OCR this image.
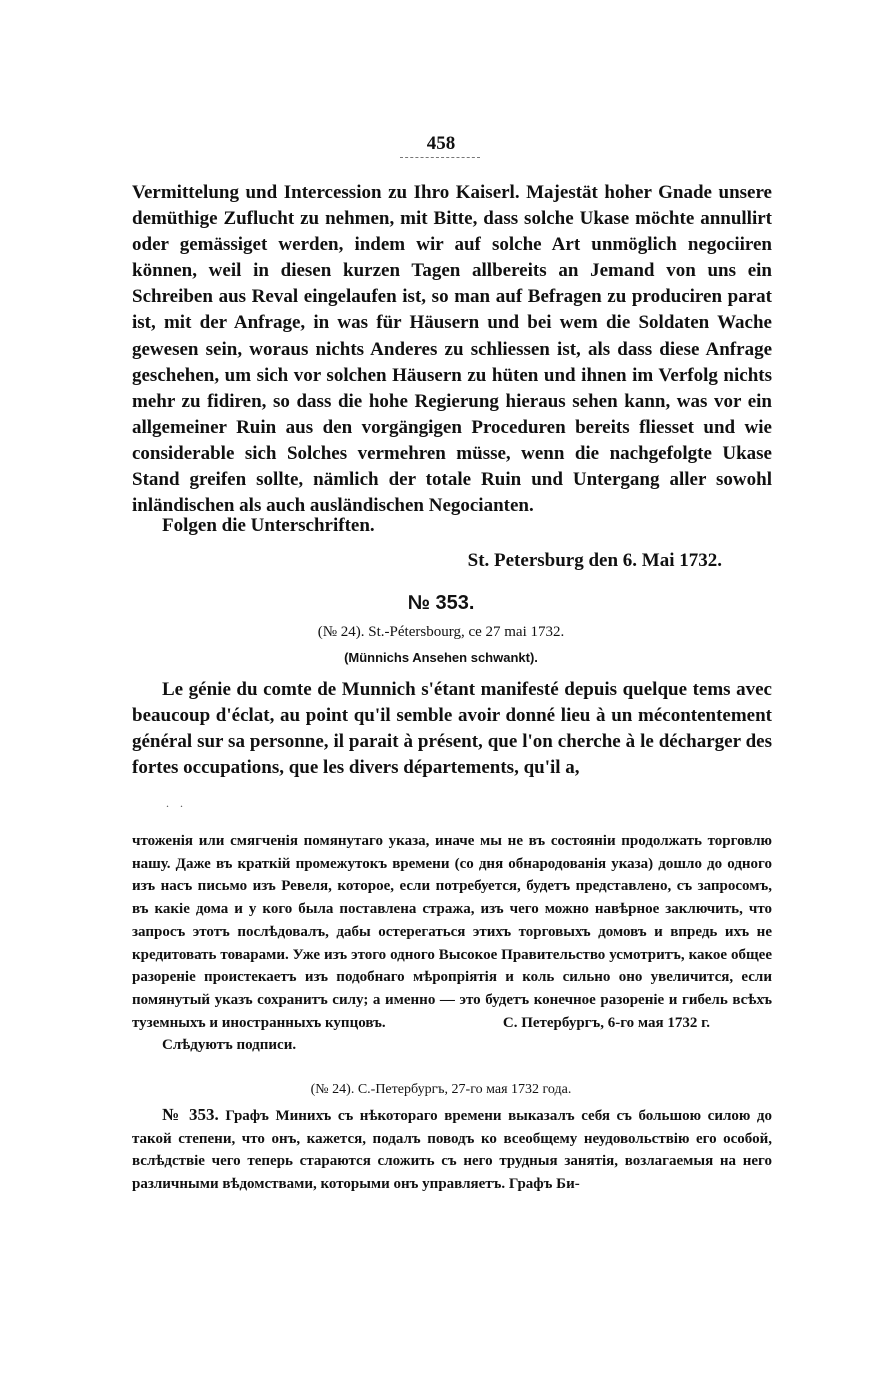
458
Vermittelung und Intercession zu Ihro Kaiserl. Majestät hoher Gnade unsere demüthige Zuflucht zu nehmen, mit Bitte, dass solche Ukase möchte annullirt oder gemässiget werden, indem wir auf solche Art unmöglich negociiren können, weil in diesen kurzen Tagen allbereits an Jemand von uns ein Schreiben aus Reval eingelaufen ist, so man auf Befragen zu produciren parat ist, mit der Anfrage, in was für Häusern und bei wem die Soldaten Wache gewesen sein, woraus nichts Anderes zu schliessen ist, als dass diese Anfrage geschehen, um sich vor solchen Häusern zu hüten und ihnen im Verfolg nichts mehr zu fidiren, so dass die hohe Regierung hieraus sehen kann, was vor ein allgemeiner Ruin aus den vorgängigen Proceduren bereits fliesset und wie considerable sich Solches vermehren müsse, wenn die nachgefolgte Ukase Stand greifen sollte, nämlich der totale Ruin und Untergang aller sowohl inländischen als auch ausländischen Negocianten.
Folgen die Unterschriften.
St. Petersburg den 6. Mai 1732.
№ 353.
(№ 24). St.-Pétersbourg, ce 27 mai 1732.
(Münnichs Ansehen schwankt).
Le génie du comte de Munnich s'étant manifesté depuis quelque tems avec beaucoup d'éclat, au point qu'il semble avoir donné lieu à un mécontentement général sur sa personne, il parait à présent, que l'on cherche à le décharger des fortes occupations, que les divers départements, qu'il a,
. .
чтоженія или смягченія помянутаго указа, иначе мы не въ состояніи продолжать торговлю нашу. Даже въ краткій промежутокъ времени (со дня обнародованія указа) дошло до одного изъ насъ письмо изъ Ревеля, которое, если потребуется, будетъ представлено, съ запросомъ, въ какіе дома и у кого была поставлена стража, изъ чего можно навѣрное заключить, что запросъ этотъ послѣдовалъ, дабы остерегаться этихъ торговыхъ домовъ и впредь ихъ не кредитовать товарами. Уже изъ этого одного Высокое Правительство усмотритъ, какое общее разореніе проистекаетъ изъ подобнаго мѣропріятія и коль сильно оно увеличится, если помянутый указъ сохранитъ силу; а именно — это будетъ конечное разореніе и гибель всѣхъ туземныхъ и иностранныхъ купцовъ.	С. Петербургъ, 6-го мая 1732 г.
Слѣдуютъ подписи.
(№ 24). С.-Петербургъ, 27-го мая 1732 года.
№ 353. Графъ Минихъ съ нѣкотораго времени выказалъ себя съ большою силою до такой степени, что онъ, кажется, подалъ поводъ ко всеобщему неудовольствію его особой, вслѣдствіе чего теперь стараются сложить съ него трудныя занятія, возлагаемыя на него различными вѣдомствами, которыми онъ управляетъ. Графъ Би-
